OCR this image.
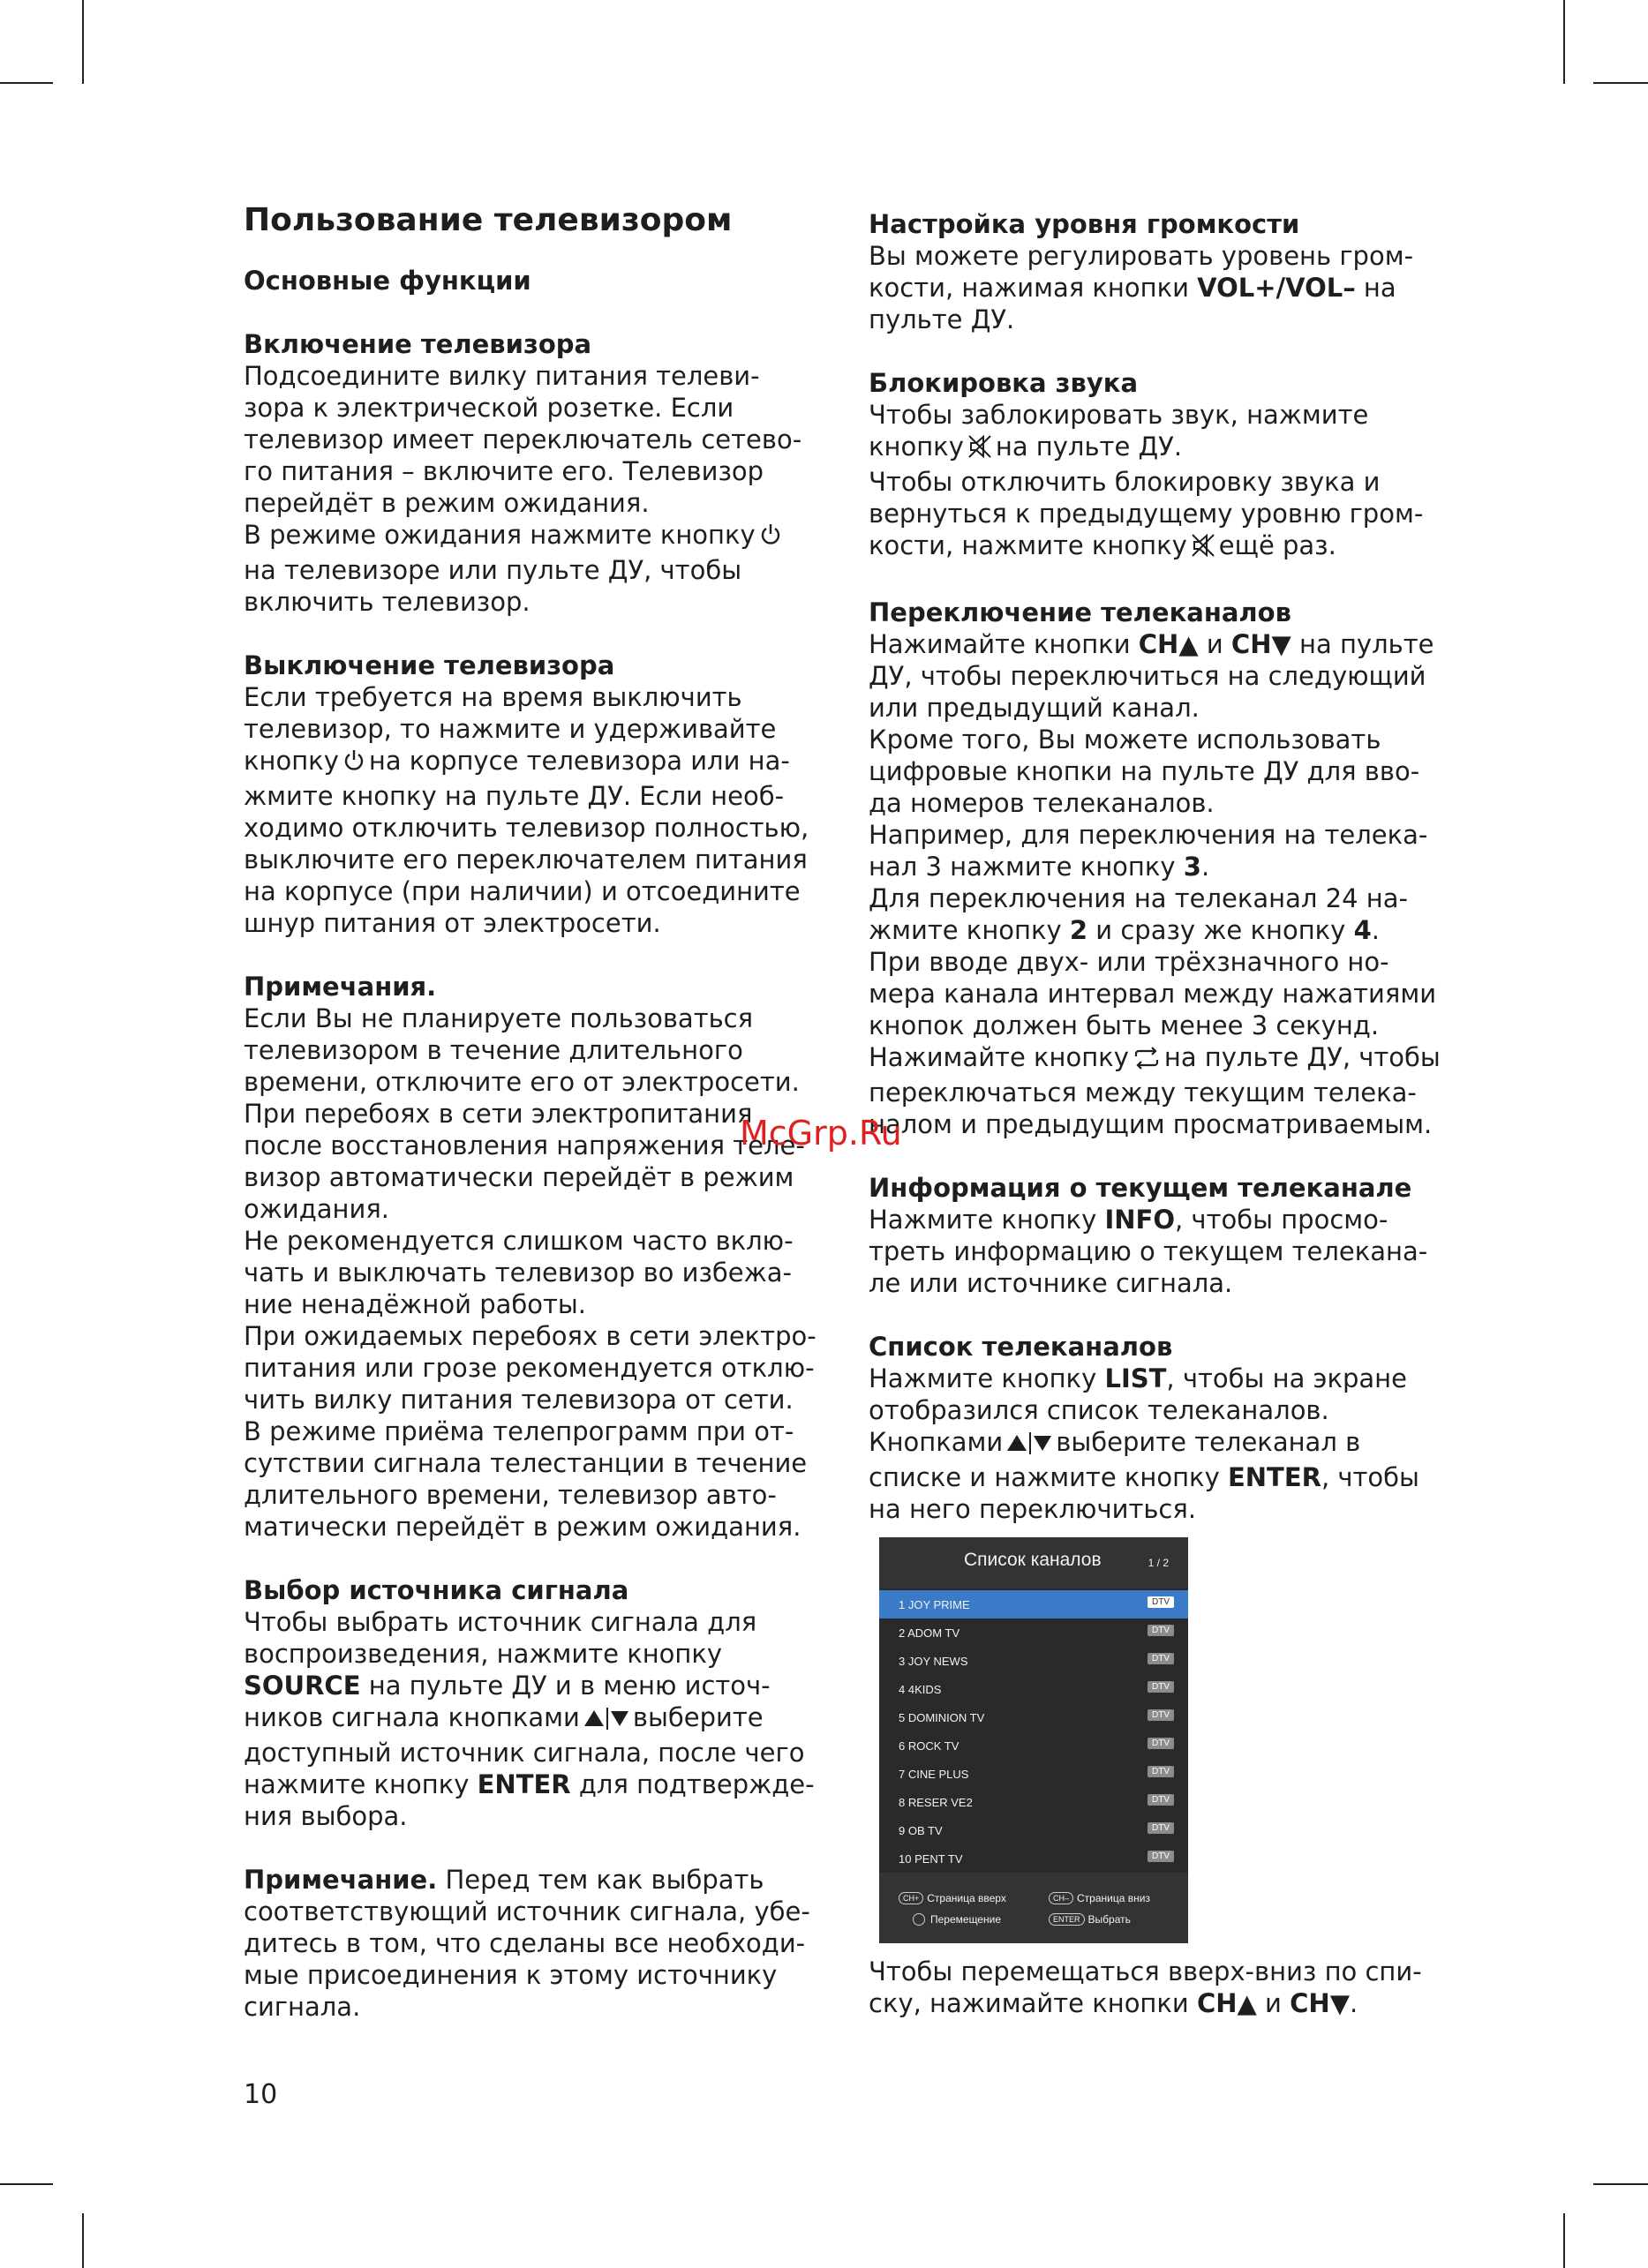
Пользование телевизором

Основные функции

Включение телевизора

Подсоедините вилку питания телеви-

зора к электрической розетке. Если

телевизор имеет переключатель сетево-

го питания – включите его. Телевизор

перейдёт в режим ожидания.

В режиме ожидания нажмите кнопку

на телевизоре или пульте ДУ, чтобы

включить телевизор.

Выключение телевизора

Если требуется на время выключить

телевизор, то нажмите и удерживайте

кнопку на корпусе телевизора или на-

жмите кнопку на пульте ДУ. Если необ-

ходимо отключить телевизор полностью,

выключите его переключателем питания

на корпусе (при наличии) и отсоедините

шнур питания от электросети.

Примечания.

Если Вы не планируете пользоваться

телевизором в течение длительного

времени, отключите его от электросети.

При перебоях в сети электропитания

после восстановления напряжения теле-

визор автоматически перейдёт в режим

ожидания.

Не рекомендуется слишком часто вклю-

чать и выключать телевизор во избежа-

ние ненадёжной работы.

При ожидаемых перебоях в сети электро-

питания или грозе рекомендуется отклю-

чить вилку питания телевизора от сети.

В режиме приёма телепрограмм при от-

сутствии сигнала телестанции в течение

длительного времени, телевизор авто-

матически перейдёт в режим ожидания.

Выбор источника сигнала

Чтобы выбрать источник сигнала для

воспроизведения, нажмите кнопку

SOURCE на пульте ДУ и в меню источ-

ников сигнала кнопками выберите

доступный источник сигнала, после чего

нажмите кнопку ENTER для подтвержде-

ния выбора.

Примечание. Перед тем как выбрать

соответствующий источник сигнала, убе-

дитесь в том, что сделаны все необходи-

мые присоединения к этому источнику

сигнала.

Настройка уровня громкости

Вы можете регулировать уровень гром-

кости, нажимая кнопки VOL+/VOL– на

пульте ДУ.

Блокировка звука

Чтобы заблокировать звук, нажмите

кнопку на пульте ДУ.

Чтобы отключить блокировку звука и

вернуться к предыдущему уровню гром-

кости, нажмите кнопку ещё раз.

Переключение телеканалов

Нажимайте кнопки CH▲ и CH▼ на пульте

ДУ, чтобы переключиться на следующий

или предыдущий канал.

Кроме того, Вы можете использовать

цифровые кнопки на пульте ДУ для вво-

да номеров телеканалов.

Например, для переключения на телека-

нал 3 нажмите кнопку 3.

Для переключения на телеканал 24 на-

жмите кнопку 2 и сразу же кнопку 4.

При вводе двух- или трёхзначного но-

мера канала интервал между нажатиями

кнопок должен быть менее 3 секунд.

Нажимайте кнопку на пульте ДУ, чтобы

переключаться между текущим телека-

налом и предыдущим просматриваемым.

Информация о текущем телеканале

Нажмите кнопку INFO, чтобы просмо-

треть информацию о текущем телекана-

ле или источнике сигнала.

Список телеканалов

Нажмите кнопку LIST, чтобы на экране

отобразился список телеканалов.

Кнопками выберите телеканал в

списке и нажмите кнопку ENTER, чтобы

на него переключиться.

Список каналов	1 / 2
1 JOY PRIME	DTV
2 ADOM TV	DTV
3 JOY NEWS	DTV
4 4KIDS	DTV
5 DOMINION TV	DTV
6 ROCK TV	DTV
7 CINE PLUS	DTV
8 RESER VE2	DTV
9 OB TV	DTV
10 PENT TV	DTV
CH+ Страница вверх	CH– Страница вниз
Перемещение	ENTER Выбрать

Чтобы перемещаться вверх-вниз по спи-

ску, нажимайте кнопки CH▲ и CH▼.

McGrp.Ru
10
